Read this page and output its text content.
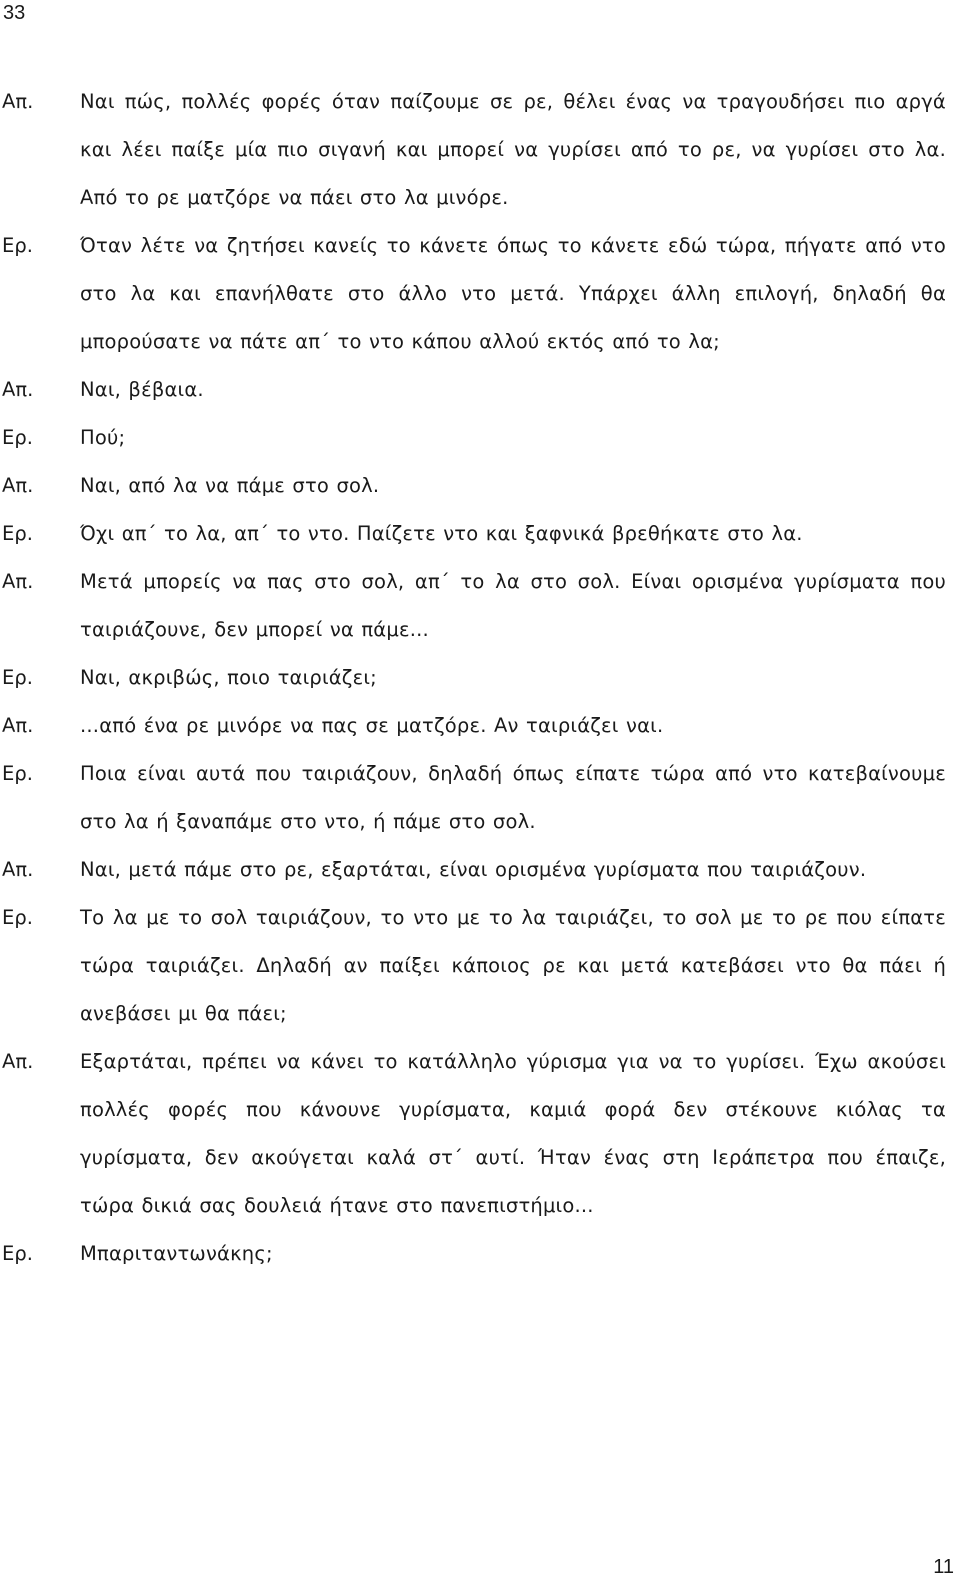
33
Απ. Ναι πώς, πολλές φορές όταν παίζουμε σε ρε, θέλει ένας να τραγουδήσει πιο αργά και λέει παίξε μία πιο σιγανή και μπορεί να γυρίσει από το ρε, να γυρίσει στο λα. Από το ρε ματζόρε να πάει στο λα μινόρε.
Ερ. Όταν λέτε να ζητήσει κανείς το κάνετε όπως το κάνετε εδώ τώρα, πήγατε από ντο στο λα και επανήλθατε στο άλλο ντο μετά. Υπάρχει άλλη επιλογή, δηλαδή θα μπορούσατε να πάτε απ΄ το ντο κάπου αλλού εκτός από το λα;
Απ. Ναι, βέβαια.
Ερ. Πού;
Απ. Ναι, από λα να πάμε στο σολ.
Ερ. Όχι απ΄ το λα, απ΄ το ντο. Παίζετε ντο και ξαφνικά βρεθήκατε στο λα.
Απ. Μετά μπορείς να πας στο σολ, απ΄ το λα στο σολ. Είναι ορισμένα γυρίσματα που ταιριάζουνε, δεν μπορεί να πάμε...
Ερ. Ναι, ακριβώς, ποιο ταιριάζει;
Απ. ...από ένα ρε μινόρε να πας σε ματζόρε. Αν ταιριάζει ναι.
Ερ. Ποια είναι αυτά που ταιριάζουν, δηλαδή όπως είπατε τώρα από ντο κατεβαίνουμε στο λα ή ξαναπάμε στο ντο, ή πάμε στο σολ.
Απ. Ναι, μετά πάμε στο ρε, εξαρτάται, είναι ορισμένα γυρίσματα που ταιριάζουν.
Ερ. Το λα με το σολ ταιριάζουν, το ντο με το λα ταιριάζει, το σολ με το ρε που είπατε τώρα ταιριάζει. Δηλαδή αν παίξει κάποιος ρε και μετά κατεβάσει ντο θα πάει ή ανεβάσει μι θα πάει;
Απ. Εξαρτάται, πρέπει να κάνει το κατάλληλο γύρισμα για να το γυρίσει. Έχω ακούσει πολλές φορές που κάνουνε γυρίσματα, καμιά φορά δεν στέκουνε κιόλας τα γυρίσματα, δεν ακούγεται καλά στ΄ αυτί. Ήταν ένας στη Ιεράπετρα που έπαιζε, τώρα δικιά σας δουλειά ήτανε στο πανεπιστήμιο...
Ερ. Μπαριταντωνάκης;
11
